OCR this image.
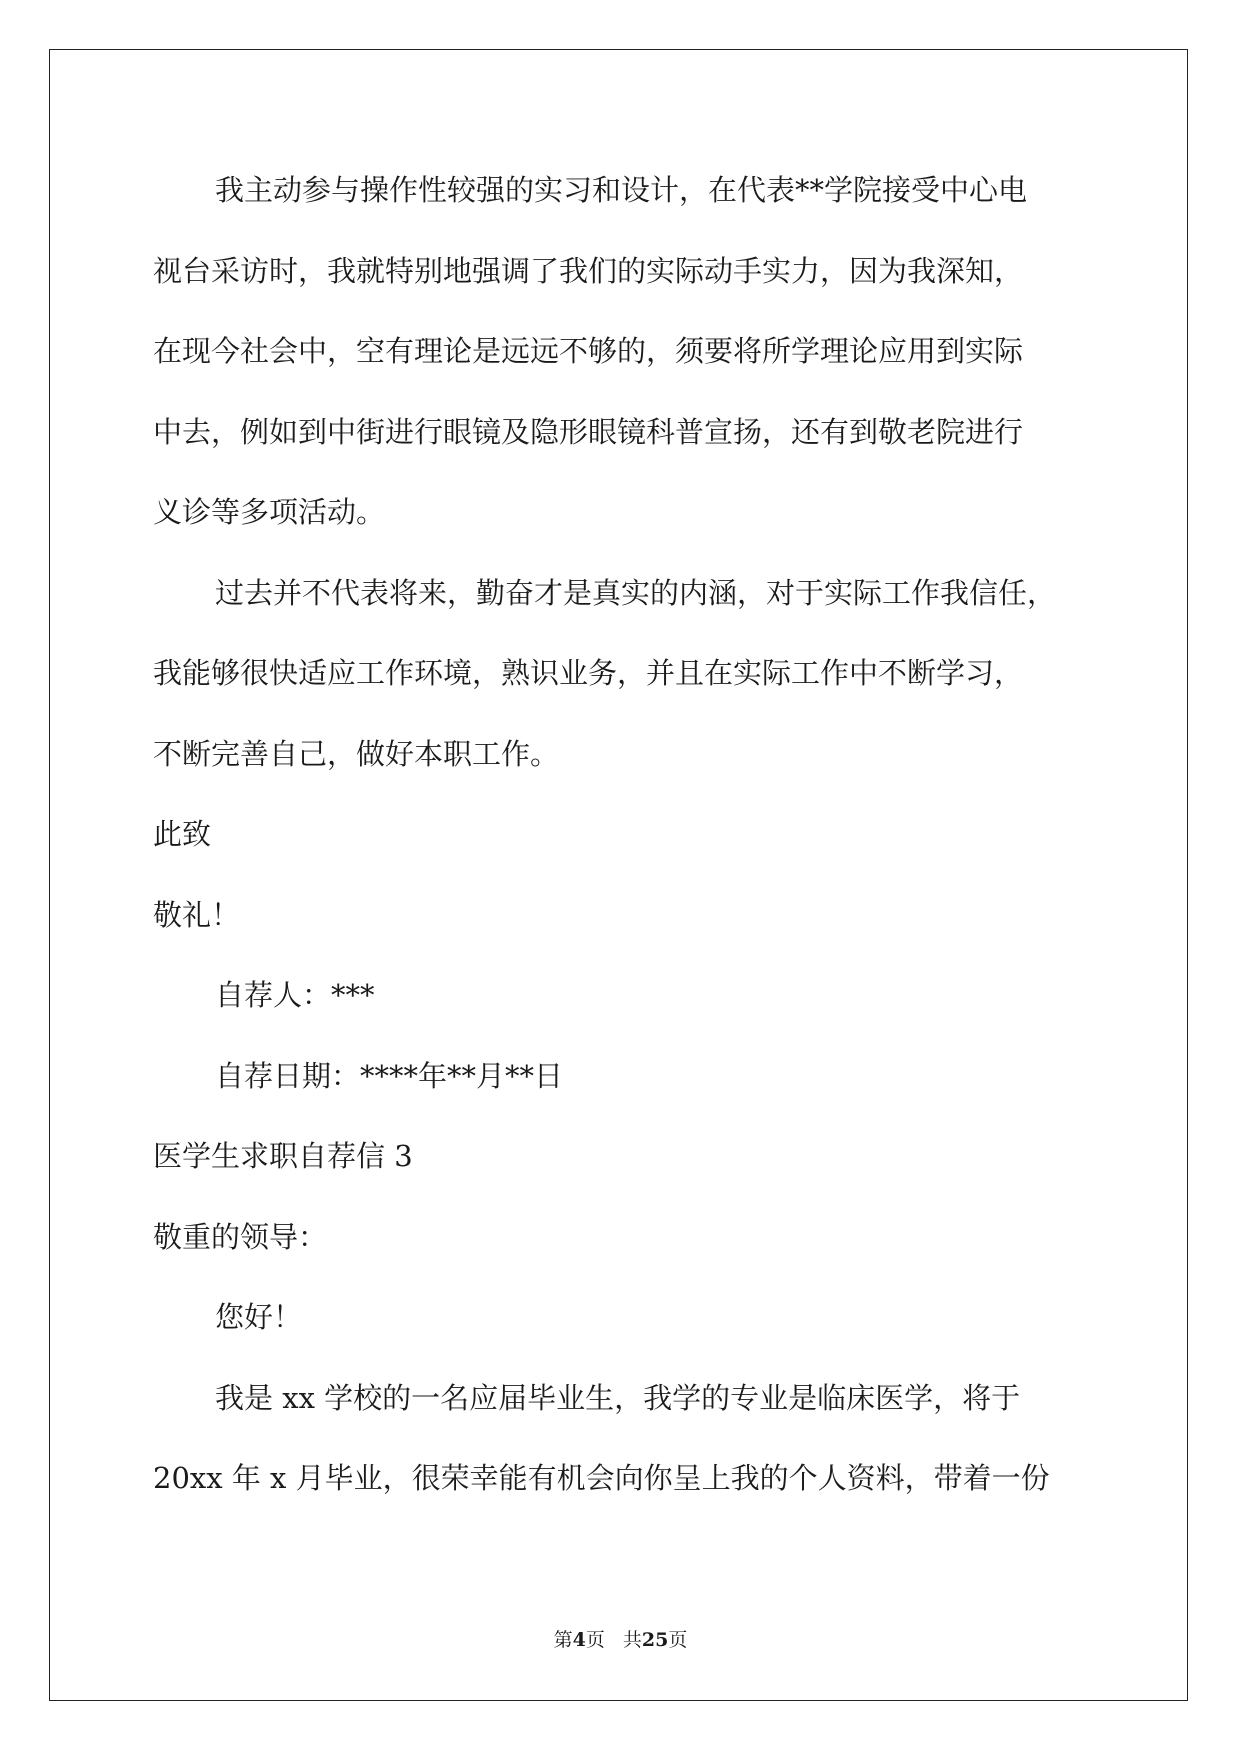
我主动参与操作性较强的实习和设计，在代表**学院接受中心电

视台采访时，我就特别地强调了我们的实际动手实力，因为我深知，

在现今社会中，空有理论是远远不够的，须要将所学理论应用到实际

中去，例如到中街进行眼镜及隐形眼镜科普宣扬，还有到敬老院进行

义诊等多项活动。

过去并不代表将来，勤奋才是真实的内涵，对于实际工作我信任，

我能够很快适应工作环境，熟识业务，并且在实际工作中不断学习，

不断完善自己，做好本职工作。

此致

敬礼！

自荐人：***

自荐日期：****年**月**日

医学生求职自荐信 3

敬重的领导：

您好！

我是 xx 学校的一名应届毕业生，我学的专业是临床医学，将于

20xx 年 x 月毕业，很荣幸能有机会向你呈上我的个人资料，带着一份

第4页 共25页
